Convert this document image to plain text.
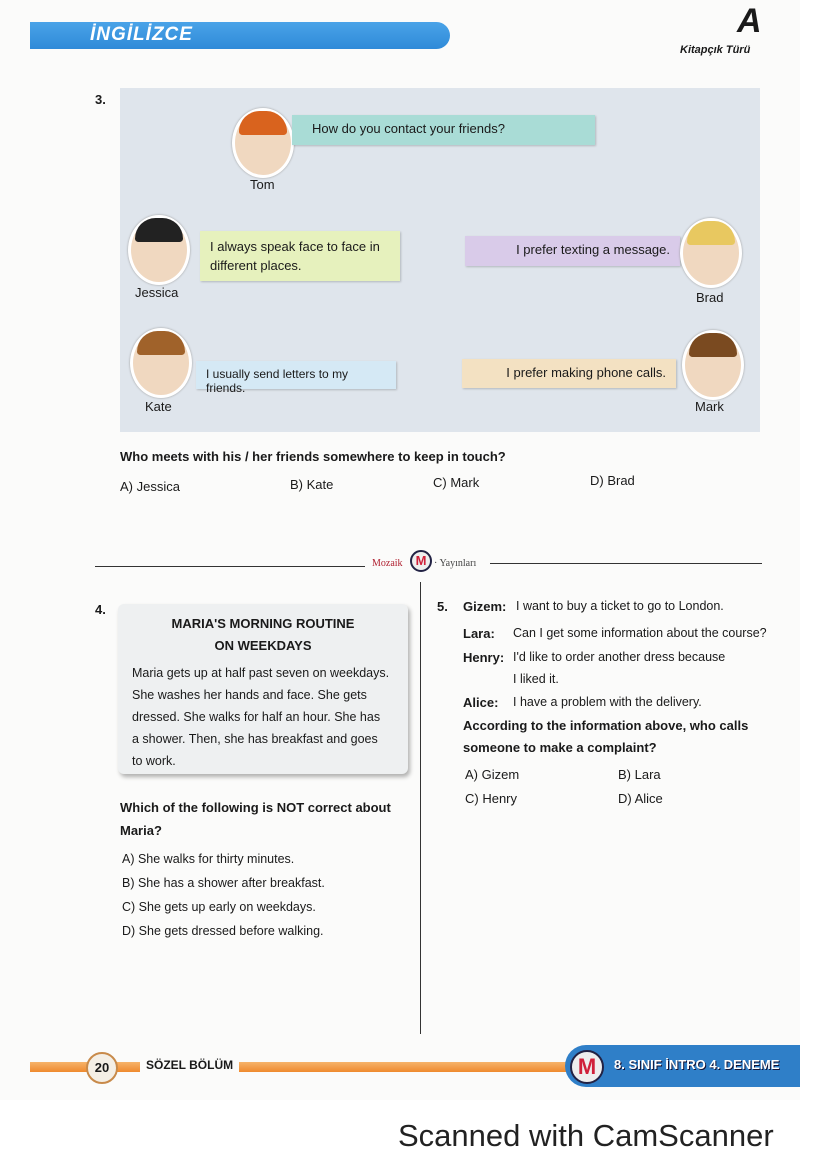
İNGİLİZCE	A
Kitapçık Türü
3.
Tom
How do you contact your friends?
Jessica
I always speak face to face in
different places.
I prefer texting a message.
Brad
Kate
I usually send letters to my friends.
I prefer making phone calls.
Mark
Who meets with his / her friends somewhere to keep in touch?
A) Jessica	B) Kate	C) Mark	D) Brad
Mozaik	M · Yayınları
4.
MARIA'S MORNING ROUTINE
ON WEEKDAYS
Maria gets up at half past seven on weekdays.
She washes her hands and face. She gets
dressed. She walks for half an hour. She has
a shower. Then, she has breakfast and goes
to work.
Which of the following is NOT correct about
Maria?
A) She walks for thirty minutes.
B) She has a shower after breakfast.
C) She gets up early on weekdays.
D) She gets dressed before walking.
5. Gizem: I want to buy a ticket to go to London.
Lara: Can I get some information about the course?
Henry: I'd like to order another dress because
I liked it.
Alice: I have a problem with the delivery.
According to the information above, who calls
someone to make a complaint?
A) Gizem	B) Lara
C) Henry	D) Alice
20	SÖZEL BÖLÜM	M	8. SINIF İNTRO 4. DENEME
Scanned with CamScanner
